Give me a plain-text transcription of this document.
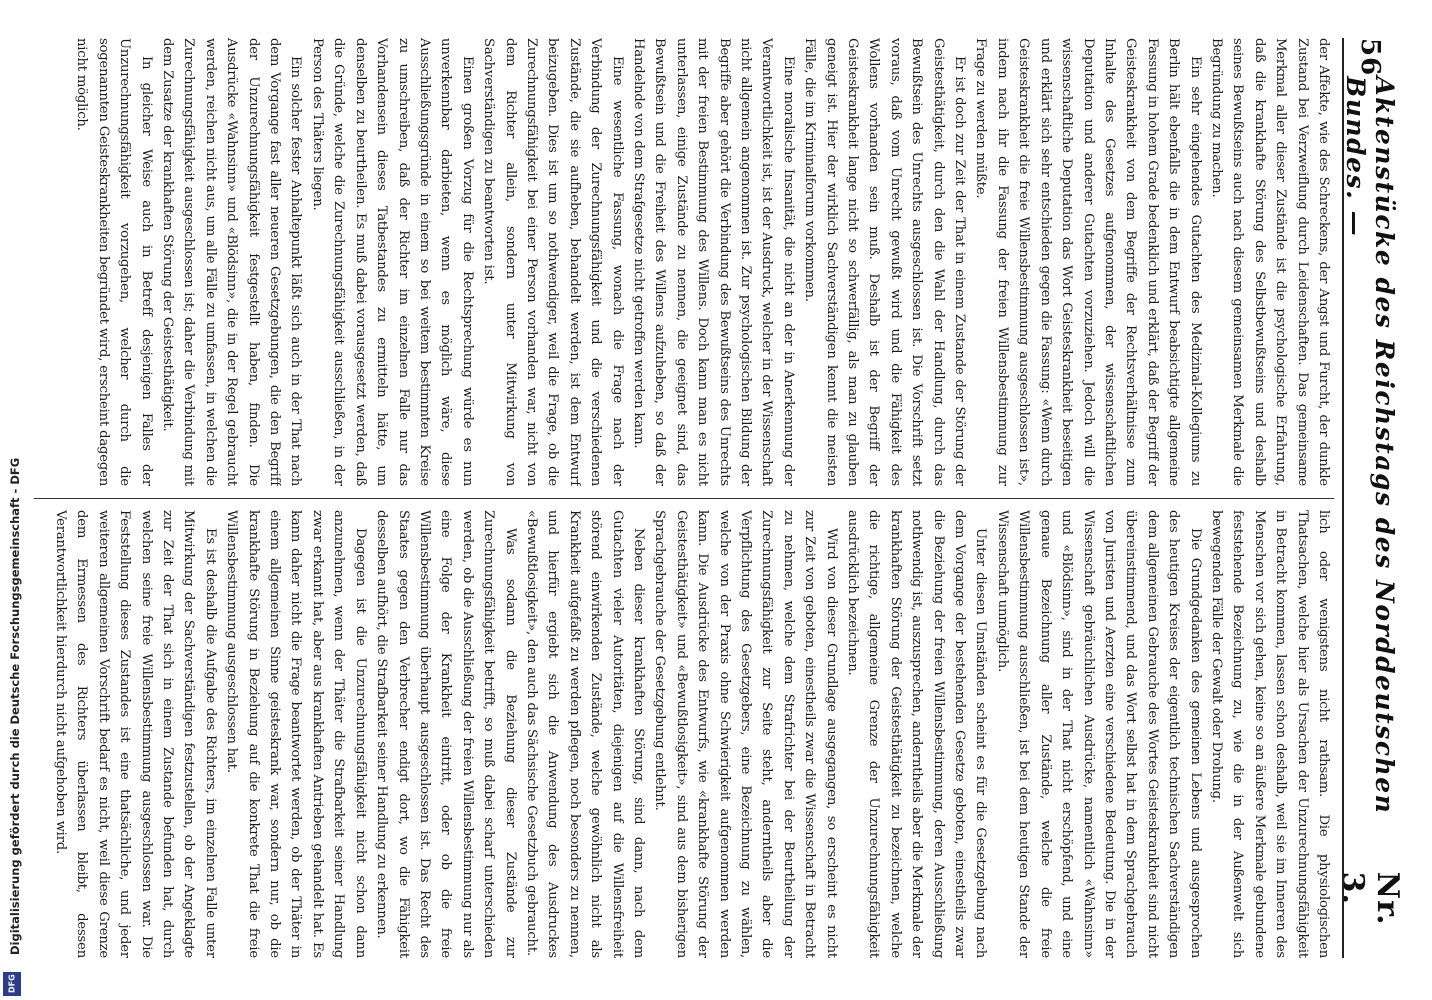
56
Aktenstücke des Reichstags des Norddeutschen Bundes. —
Nr. 3.

der Affekte, wie des Schreckens, der Angst und Furcht, der dunkle Zustand bei Verzweiflung durch Leidenschaften. Das gemeinsame Merkmal aller dieser Zustände ist die psychologische Erfahrung, daß die krankhafte Störung des Selbstbewußtseins und deshalb seines Bewußtseins auch nach diesem gemeinsamen Merkmale die Begründung zu machen.

Ein sehr eingehendes Gutachten des Medizinal-Kollegiums zu Berlin hält ebenfalls die in dem Entwurf beabsichtigte allgemeine Fassung in hohem Grade bedenklich und erklärt, daß der Begriff der Geisteskrankheit von dem Begriffe der Rechtsverhältnisse zum Inhalte des Gesetzes aufgenommen, der wissenschaftlichen Deputation und anderer Gutachten vorzuziehen. Jedoch will die wissenschaftliche Deputation das Wort Geisteskrankheit beseitigen und erklärt sich sehr entschieden gegen die Fassung: «Wenn durch Geisteskrankheit die freie Willensbestimmung ausgeschlossen ist», indem nach ihr die Fassung der freien Willensbestimmung zur Frage zu werden müßte.

Er ist doch zur Zeit der That in einem Zustande der Störung der Geistesthätigkeit, durch den die Wahl der Handlung, durch das Bewußtsein des Unrechts ausgeschlossen ist. Die Vorschrift setzt voraus, daß vom Unrecht gewußt wird und die Fähigkeit des Wollens vorhanden sein muß. Deshalb ist der Begriff der Geisteskrankheit lange nicht so schwerfällig, als man zu glauben geneigt ist. Hier der wirklich Sachverständigen kennt die meisten Fälle, die im Kriminalforum vorkommen.

Eine moralische Insanität, die nicht an der in Anerkennung der Verantwortlichkeit ist, ist der Ausdruck, welcher in der Wissenschaft nicht allgemein angenommen ist. Zur psychologischen Bildung der Begriffe aber gehört die Verbindung des Bewußtseins des Unrechts mit der freien Bestimmung des Willens. Doch kann man es nicht unterlassen, einige Zustände zu nennen, die geeignet sind, das Bewußtsein und die Freiheit des Willens aufzuheben, so daß der Handelnde von dem Strafgesetze nicht getroffen werden kann.

Eine wesentliche Fassung, wonach die Frage nach der Verbindung der Zurechnungsfähigkeit und die verschiedenen Zustände, die sie aufheben, behandelt werden, ist dem Entwurf beizugeben. Dies ist um so nothwendiger, weil die Frage, ob die Zurechnungsfähigkeit bei einer Person vorhanden war, nicht von dem Richter allein, sondern unter Mitwirkung von Sachverständigen zu beantworten ist.

Einen großen Vorzug für die Rechtsprechung würde es nun unverkennbar darbieten, wenn es möglich wäre, diese Ausschließungsgründe in einem so bei weitem bestimmten Kreise zu umschreiben, daß der Richter im einzelnen Falle nur das Vorhandensein dieses Tatbestandes zu ermitteln hätte, um denselben zu beurtheilen. Es muß dabei vorausgesetzt werden, daß die Gründe, welche die Zurechnungsfähigkeit ausschließen, in der Person des Thäters liegen.

Ein solcher fester Anhaltepunkt läßt sich auch in der That nach dem Vorgange fast aller neueren Gesetzgebungen, die den Begriff der Unzurechnungsfähigkeit festgestellt haben, finden. Die Ausdrücke «Wahnsinn» und «Blödsinn», die in der Regel gebraucht werden, reichen nicht aus, um alle Fälle zu umfassen, in welchen die Zurechnungsfähigkeit ausgeschlossen ist; daher die Verbindung mit dem Zusatze der krankhaften Störung der Geistesthätigkeit.

In gleicher Weise auch in Betreff desjenigen Falles der Unzurechnungsfähigkeit vorzugehen, welcher durch die sogenannten Geisteskrankheiten begründet wird, erscheint dagegen nicht möglich.

lich oder wenigstens nicht rathsam. Die physiologischen Thatsachen, welche hier als Ursachen der Unzurechnungsfähigkeit in Betracht kommen, lassen schon deshalb, weil sie im Inneren des Menschen vor sich gehen, keine so an äußere Merkmale gebundene feststehende Bezeichnung zu, wie die in der Außenwelt sich bewegenden Fälle der Gewalt oder Drohung.

Die Grundgedanken des gemeinen Lebens und ausgesprochen des heutigen Kreises der eigentlich technischen Sachverständigen dem allgemeinen Gebrauche des Wortes Geisteskrankheit sind nicht übereinstimmend, und das Wort selbst hat in dem Sprachgebrauch von Juristen und Aerzten eine verschiedene Bedeutung. Die in der Wissenschaft gebräuchlichen Ausdrücke, namentlich «Wahnsinn» und «Blödsinn», sind in der That nicht erschöpfend, und eine genaue Bezeichnung aller Zustände, welche die freie Willensbestimmung ausschließen, ist bei dem heutigen Stande der Wissenschaft unmöglich.

Unter diesen Umständen scheint es für die Gesetzgebung nach dem Vorgange der bestehenden Gesetze geboten, einestheils zwar die Beziehung der freien Willensbestimmung, deren Ausschließung nothwendig ist, auszusprechen, anderntheils aber die Merkmale der krankhaften Störung der Geistesthätigkeit zu bezeichnen, welche die richtige, allgemeine Grenze der Unzurechnungsfähigkeit ausdrücklich bezeichnen.

Wird von dieser Grundlage ausgegangen, so erscheint es nicht zur Zeit von geboten, einestheils zwar die Wissenschaft in Betracht zu nehmen, welche dem Strafrichter bei der Beurtheilung der Zurechnungsfähigkeit zur Seite steht, anderntheils aber die Verpflichtung des Gesetzgebers, eine Bezeichnung zu wählen, welche von der Praxis ohne Schwierigkeit aufgenommen werden kann. Die Ausdrücke des Entwurfs, wie «krankhafte Störung der Geistesthätigkeit» und «Bewußtlosigkeit», sind aus dem bisherigen Sprachgebrauche der Gesetzgebung entlehnt.

Neben dieser krankhaften Störung, sind dann, nach dem Gutachten vieler Autoritäten, diejenigen auf die Willensfreiheit störend einwirkenden Zustände, welche gewöhnlich nicht als Krankheit aufgefaßt zu werden pflegen, noch besonders zu nennen, und hierfür ergiebt sich die Anwendung des Ausdruckes «Bewußtlosigkeit», den auch das Sächsische Gesetzbuch gebraucht.

Was sodann die Beziehung dieser Zustände zur Zurechnungsfähigkeit betrifft, so muß dabei scharf unterschieden werden, ob die Ausschließung der freien Willensbestimmung nur als eine Folge der Krankheit eintritt, oder ob die freie Willensbestimmung überhaupt ausgeschlossen ist. Das Recht des Staates gegen den Verbrecher endigt dort, wo die Fähigkeit desselben aufhört, die Strafbarkeit seiner Handlung zu erkennen.

Dagegen ist die Unzurechnungsfähigkeit nicht schon dann anzunehmen, wenn der Thäter die Strafbarkeit seiner Handlung zwar erkannt hat, aber aus krankhaften Antrieben gehandelt hat. Es kann daher nicht die Frage beantwortet werden, ob der Thäter in einem allgemeinen Sinne geisteskrank war, sondern nur, ob die krankhafte Störung in Beziehung auf die konkrete That die freie Willensbestimmung ausgeschlossen hat.

Es ist deshalb die Aufgabe des Richters, im einzelnen Falle unter Mitwirkung der Sachverständigen festzustellen, ob der Angeklagte zur Zeit der That sich in einem Zustande befunden hat, durch welchen seine freie Willensbestimmung ausgeschlossen war. Die Feststellung dieses Zustandes ist eine thatsächliche, und jeder weiteren allgemeinen Vorschrift bedarf es nicht, weil diese Grenze dem Ermessen des Richters überlassen bleibt, dessen Verantwortlichkeit hierdurch nicht aufgehoben wird.

Digitalisierung gefördert durch die Deutsche Forschungsgemeinschaft - DFG
DFG
